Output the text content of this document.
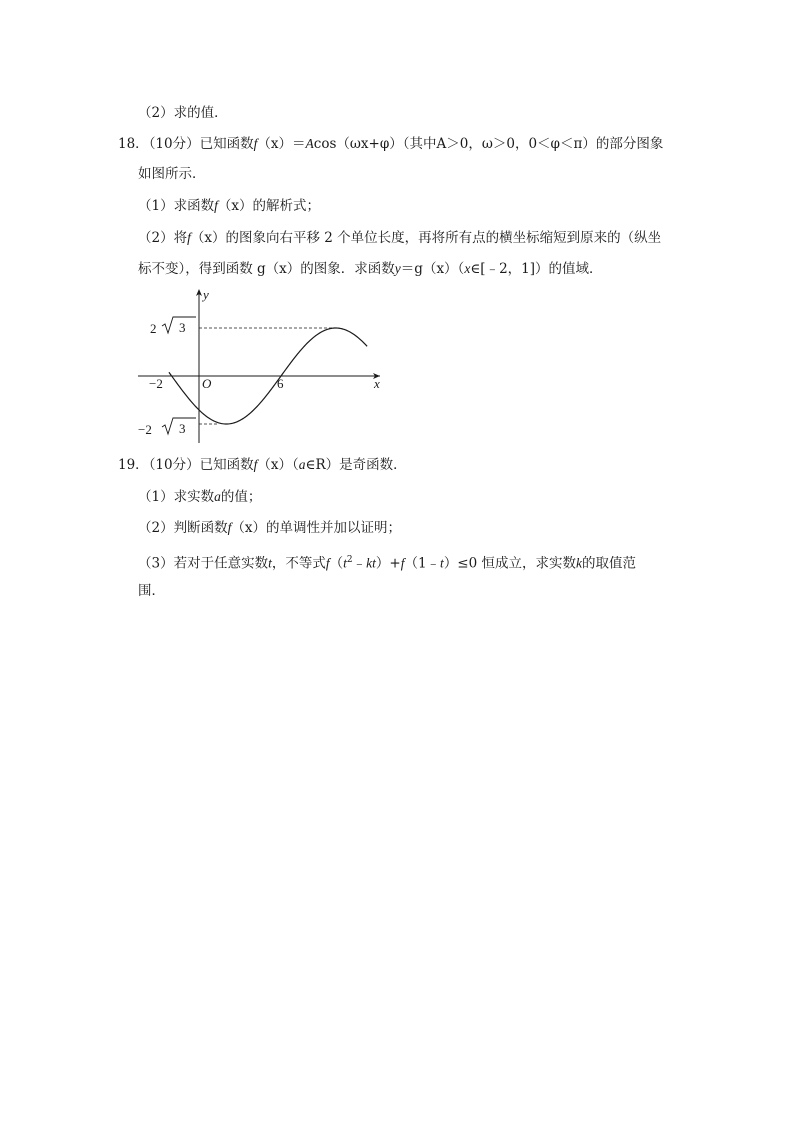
（2）求的值．
18．（10分）已知函数f（x）＝Acos（ωx+φ）（其中A＞0，ω＞0，0＜φ＜π）的部分图象
如图所示．
（1）求函数f（x）的解析式；
（2）将f（x）的图象向右平移 2 个单位长度，再将所有点的横坐标缩短到原来的（纵坐
标不变），得到函数 g（x）的图象．求函数y＝g（x）（x∈[﹣2，1]）的值域．
y
x
O
−2	6
2 3
−2 3
19．（10分）已知函数f（x）（a∈R）是奇函数．
（1）求实数a的值；
（2）判断函数f（x）的单调性并加以证明；
（3）若对于任意实数t，不等式$f(t^2﹣kt)+f(1﹣t)\le 0$ 恒成立，求实数k的取值范
围．
